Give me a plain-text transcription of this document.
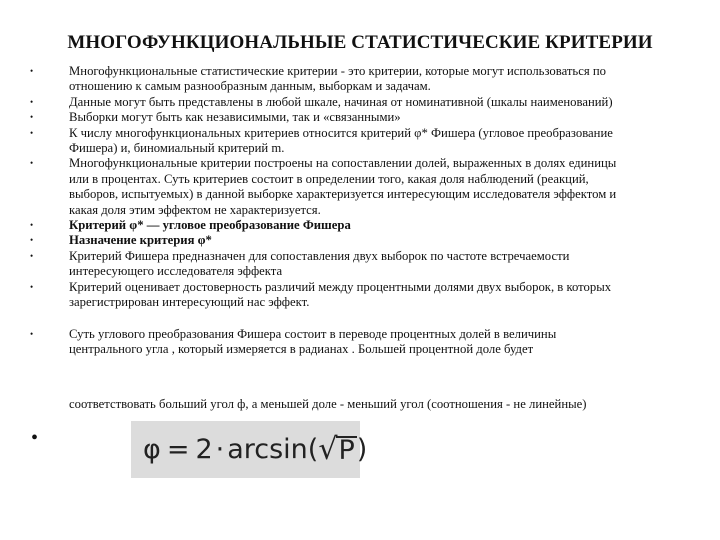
МНОГОФУНКЦИОНАЛЬНЫЕ СТАТИСТИЧЕСКИЕ КРИТЕРИИ
•	Многофункциональные статистические критерии - это критерии, которые могут использоваться по
отношению к самым разнообразным данным, выборкам и задачам.
•	Данные могут быть представлены в любой шкале, начиная от номинативной (шкалы наименований)
•	Выборки могут быть как независимыми, так и «связанными»
•	К числу многофункциональных критериев относится критерий φ* Фишера (угловое преобразование
Фишера) и, биномиальный критерий m.
•	Многофункциональные критерии построены на сопоставлении долей, выраженных в долях единицы
или в процентах. Суть критериев состоит в определении того, какая доля наблюдений (реакций,
выборов, испытуемых) в данной выборке характеризуется интересующим исследователя эффектом и
какая доля этим эффектом не характеризуется.
•	Критерий φ* — угловое преобразование Фишера
•	Назначение критерия φ*
•	Критерий Фишера предназначен для сопоставления двух выборок по частоте встречаемости
интересующего исследователя эффекта
•	Критерий оценивает достоверность различий между процентными долями двух выборок, в которых
зарегистрирован интересующий нас эффект.
•	Суть углового преобразования Фишера состоит в переводе процентных долей в величины
центрального угла , который измеряется в радианах . Большей процентной доле будет
соответствовать больший угол ф, а меньшей доле - меньший угол (соотношения - не линейные)
•	φ = 2 · arcsin ( √ P )
